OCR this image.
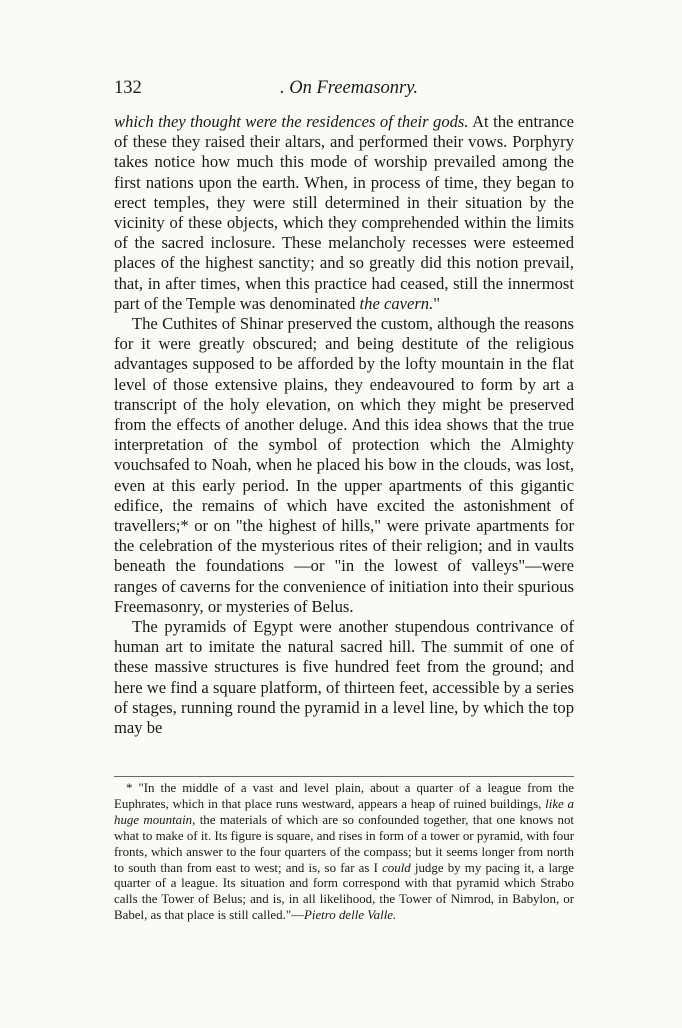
132	. On Freemasonry.

which they thought were the residences of their gods. At the entrance of these they raised their altars, and performed their vows. Porphyry takes notice how much this mode of worship prevailed among the first nations upon the earth. When, in process of time, they began to erect temples, they were still determined in their situation by the vicinity of these objects, which they comprehended within the limits of the sacred inclosure. These melancholy recesses were esteemed places of the highest sanctity; and so greatly did this notion prevail, that, in after times, when this practice had ceased, still the innermost part of the Temple was denominated the cavern."

The Cuthites of Shinar preserved the custom, although the reasons for it were greatly obscured; and being destitute of the religious advantages supposed to be afforded by the lofty mountain in the flat level of those extensive plains, they endeavoured to form by art a transcript of the holy elevation, on which they might be preserved from the effects of another deluge. And this idea shows that the true interpretation of the symbol of protection which the Almighty vouchsafed to Noah, when he placed his bow in the clouds, was lost, even at this early period. In the upper apartments of this gigantic edifice, the remains of which have excited the astonishment of travellers;* or on "the highest of hills," were private apartments for the celebration of the mysterious rites of their religion; and in vaults beneath the foundations —or "in the lowest of valleys"—were ranges of caverns for the convenience of initiation into their spurious Freemasonry, or mysteries of Belus.

The pyramids of Egypt were another stupendous contrivance of human art to imitate the natural sacred hill. The summit of one of these massive structures is five hundred feet from the ground; and here we find a square platform, of thirteen feet, accessible by a series of stages, running round the pyramid in a level line, by which the top may be

* "In the middle of a vast and level plain, about a quarter of a league from the Euphrates, which in that place runs westward, appears a heap of ruined buildings, like a huge mountain, the materials of which are so confounded together, that one knows not what to make of it. Its figure is square, and rises in form of a tower or pyramid, with four fronts, which answer to the four quarters of the compass; but it seems longer from north to south than from east to west; and is, so far as I could judge by my pacing it, a large quarter of a league. Its situation and form correspond with that pyramid which Strabo calls the Tower of Belus; and is, in all likelihood, the Tower of Nimrod, in Babylon, or Babel, as that place is still called."—Pietro delle Valle.
